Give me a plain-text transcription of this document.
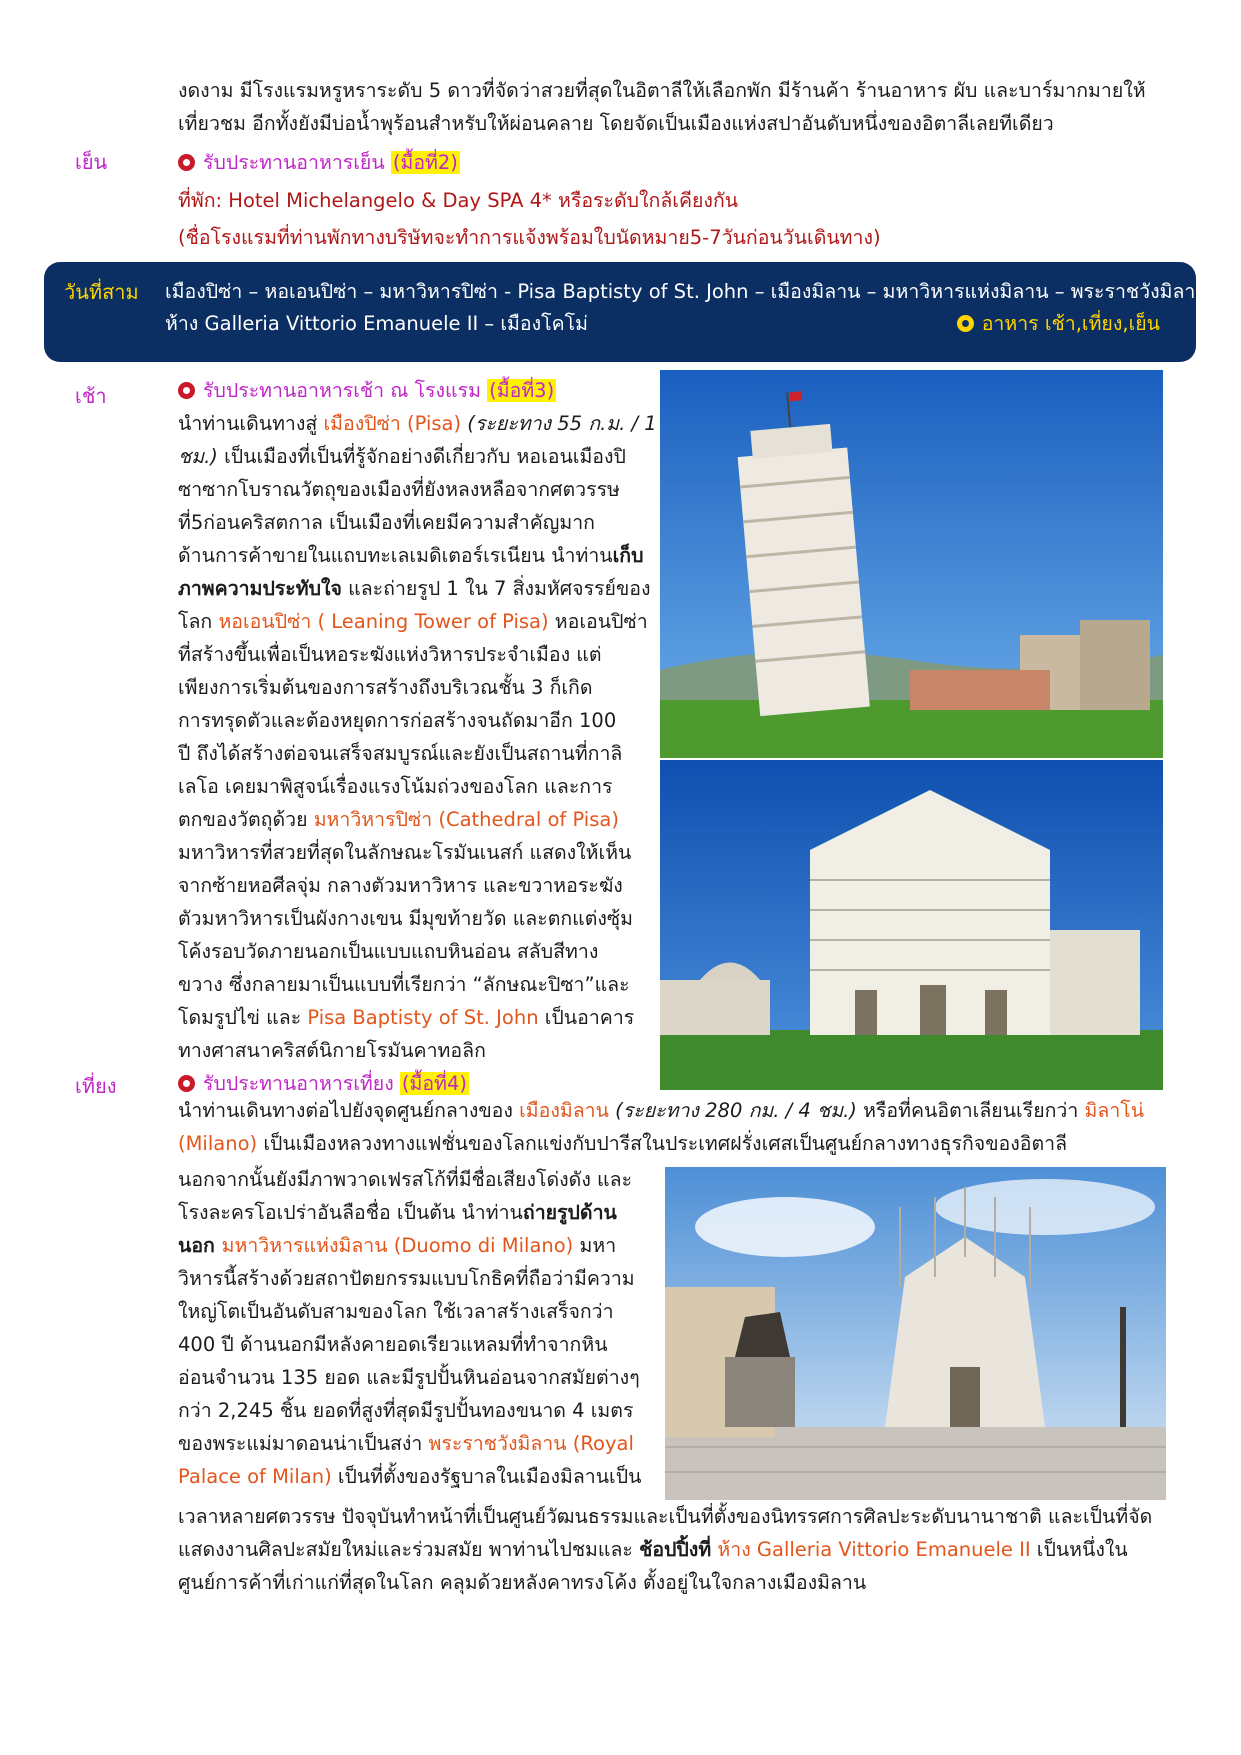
งดงาม มีโรงแรมหรูหราระดับ 5 ดาวที่จัดว่าสวยที่สุดในอิตาลีให้เลือกพัก มีร้านค้า ร้านอาหาร ผับ และบาร์มากมายให้
เที่ยวชม อีกทั้งยังมีบ่อน้ำพุร้อนสำหรับให้ผ่อนคลาย โดยจัดเป็นเมืองแห่งสปาอันดับหนึ่งของอิตาลีเลยทีเดียว
เย็น	รับประทานอาหารเย็น (มื้อที่2)
ที่พัก: Hotel Michelangelo & Day SPA 4* หรือระดับใกล้เคียงกัน
(ชื่อโรงแรมที่ท่านพักทางบริษัทจะทำการแจ้งพร้อมใบนัดหมาย5-7วันก่อนวันเดินทาง)
วันที่สาม เมืองปิซ่า – หอเอนปิซ่า – มหาวิหารปิซ่า - Pisa Baptisty of St. John – เมืองมิลาน – มหาวิหารแห่งมิลาน – พระราชวังมิลาน
ห้าง Galleria Vittorio Emanuele II – เมืองโคโม่	อาหาร เช้า,เที่ยง,เย็น
เช้า	รับประทานอาหารเช้า ณ โรงแรม (มื้อที่3)
นำท่านเดินทางสู่ เมืองปิซ่า (Pisa) (ระยะทาง 55 ก.ม. / 1
ชม.) เป็นเมืองที่เป็นที่รู้จักอย่างดีเกี่ยวกับ หอเอนเมืองปิ
ซาซากโบราณวัตถุของเมืองที่ยังหลงหลือจากศตวรรษ
ที่5ก่อนคริสตกาล เป็นเมืองที่เคยมีความสำคัญมาก
ด้านการค้าขายในแถบทะเลเมดิเตอร์เรเนียน นำท่านเก็บ
ภาพความประทับใจ และถ่ายรูป 1 ใน 7 สิ่งมหัศจรรย์ของ
โลก หอเอนปิซ่า ( Leaning Tower of Pisa) หอเอนปิซ่า
ที่สร้างขึ้นเพื่อเป็นหอระฆังแห่งวิหารประจำเมือง แต่
เพียงการเริ่มต้นของการสร้างถึงบริเวณชั้น 3 ก็เกิด
การทรุดตัวและต้องหยุดการก่อสร้างจนถัดมาอีก 100
ปี ถึงได้สร้างต่อจนเสร็จสมบูรณ์และยังเป็นสถานที่กาลิ
เลโอ เคยมาพิสูจน์เรื่องแรงโน้มถ่วงของโลก และการ
ตกของวัตถุด้วย มหาวิหารปิซ่า (Cathedral of Pisa)
มหาวิหารที่สวยที่สุดในลักษณะโรมันเนสก์ แสดงให้เห็น
จากซ้ายหอศีลจุ่ม กลางตัวมหาวิหาร และขวาหอระฆัง
ตัวมหาวิหารเป็นผังกางเขน มีมุขท้ายวัด และตกแต่งซุ้ม
โค้งรอบวัดภายนอกเป็นแบบแถบหินอ่อน สลับสีทาง
ขวาง ซึ่งกลายมาเป็นแบบที่เรียกว่า “ลักษณะปิซา”และ
โดมรูปไข่ และ Pisa Baptisty of St. John เป็นอาคาร
ทางศาสนาคริสต์นิกายโรมันคาทอลิก
เที่ยง	รับประทานอาหารเที่ยง (มื้อที่4)
นำท่านเดินทางต่อไปยังจุดศูนย์กลางของ เมืองมิลาน (ระยะทาง 280 กม. / 4 ชม.) หรือที่คนอิตาเลียนเรียกว่า มิลาโน่
(Milano) เป็นเมืองหลวงทางแฟชั่นของโลกแข่งกับปารีสในประเทศฝรั่งเศสเป็นศูนย์กลางทางธุรกิจของอิตาลี
นอกจากนั้นยังมีภาพวาดเฟรสโก้ที่มีชื่อเสียงโด่งดัง และ
โรงละครโอเปร่าอันลือชื่อ เป็นต้น นำท่านถ่ายรูปด้าน
นอก มหาวิหารแห่งมิลาน (Duomo di Milano) มหา
วิหารนี้สร้างด้วยสถาปัตยกรรมแบบโกธิคที่ถือว่ามีความ
ใหญ่โตเป็นอันดับสามของโลก ใช้เวลาสร้างเสร็จกว่า
400 ปี ด้านนอกมีหลังคายอดเรียวแหลมที่ทำจากหิน
อ่อนจำนวน 135 ยอด และมีรูปปั้นหินอ่อนจากสมัยต่างๆ
กว่า 2,245 ชิ้น ยอดที่สูงที่สุดมีรูปปั้นทองขนาด 4 เมตร
ของพระแม่มาดอนน่าเป็นสง่า พระราชวังมิลาน (Royal
Palace of Milan) เป็นที่ตั้งของรัฐบาลในเมืองมิลานเป็น
เวลาหลายศตวรรษ ปัจจุบันทำหน้าที่เป็นศูนย์วัฒนธรรมและเป็นที่ตั้งของนิทรรศการศิลปะระดับนานาชาติ และเป็นที่จัด
แสดงงานศิลปะสมัยใหม่และร่วมสมัย พาท่านไปชมและ ช้อปปิ้งที่ ห้าง Galleria Vittorio Emanuele II เป็นหนึ่งใน
ศูนย์การค้าที่เก่าแก่ที่สุดในโลก คลุมด้วยหลังคาทรงโค้ง ตั้งอยู่ในใจกลางเมืองมิลาน
